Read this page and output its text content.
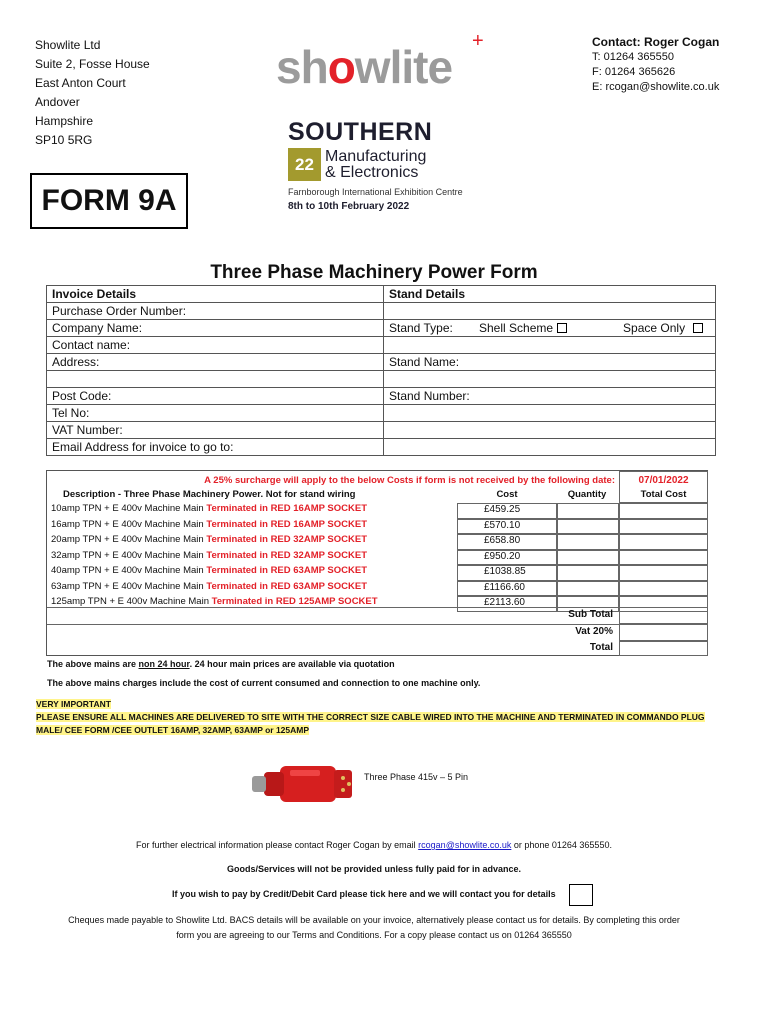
Showlite Ltd
Suite 2, Fosse House
East Anton Court
Andover
Hampshire
SP10 5RG
showlite +	Contact: Roger Cogan
T: 01264 365550
F: 01264 365626
E: rcogan@showlite.co.uk
SOUTHERN
22 Manufacturing
& Electronics
Farnborough International Exhibition Centre
8th to 10th February 2022
FORM 9A
Three Phase Machinery Power Form
Invoice Details	Stand Details
Purchase Order Number:	
Company Name:	Stand Type: Shell Scheme Space Only
Contact name:	
Address:	Stand Name:

Post Code:	Stand Number:
Tel No:	
VAT Number:	
Email Address for invoice to go to:	
A 25% surcharge will apply to the below Costs if form is not received by the following date:	07/01/2022
Description - Three Phase Machinery Power. Not for stand wiring	Cost	Quantity	Total Cost
10amp TPN + E 400v Machine Main Terminated in RED 16AMP SOCKET	£459.25
16amp TPN + E 400v Machine Main Terminated in RED 16AMP SOCKET	£570.10
20amp TPN + E 400v Machine Main Terminated in RED 32AMP SOCKET	£658.80
32amp TPN + E 400v Machine Main Terminated in RED 32AMP SOCKET	£950.20
40amp TPN + E 400v Machine Main Terminated in RED 63AMP SOCKET	£1038.85
63amp TPN + E 400v Machine Main Terminated in RED 63AMP SOCKET	£1166.60
125amp TPN + E 400v Machine Main Terminated in RED 125AMP SOCKET	£2113.60
Sub Total
Vat 20%
Total
The above mains are non 24 hour. 24 hour main prices are available via quotation
The above mains charges include the cost of current consumed and connection to one machine only.
VERY IMPORTANT
PLEASE ENSURE ALL MACHINES ARE DELIVERED TO SITE WITH THE CORRECT SIZE CABLE WIRED INTO THE MACHINE AND TERMINATED IN COMMANDO PLUG MALE/ CEE FORM /CEE OUTLET 16AMP, 32AMP, 63AMP or 125AMP
Three Phase 415v – 5 Pin
For further electrical information please contact Roger Cogan by email rcogan@showlite.co.uk or phone 01264 365550.
Goods/Services will not be provided unless fully paid for in advance.
If you wish to pay by Credit/Debit Card please tick here and we will contact you for details
Cheques made payable to Showlite Ltd. BACS details will be available on your invoice, alternatively please contact us for details. By completing this order
form you are agreeing to our Terms and Conditions. For a copy please contact us on 01264 365550
